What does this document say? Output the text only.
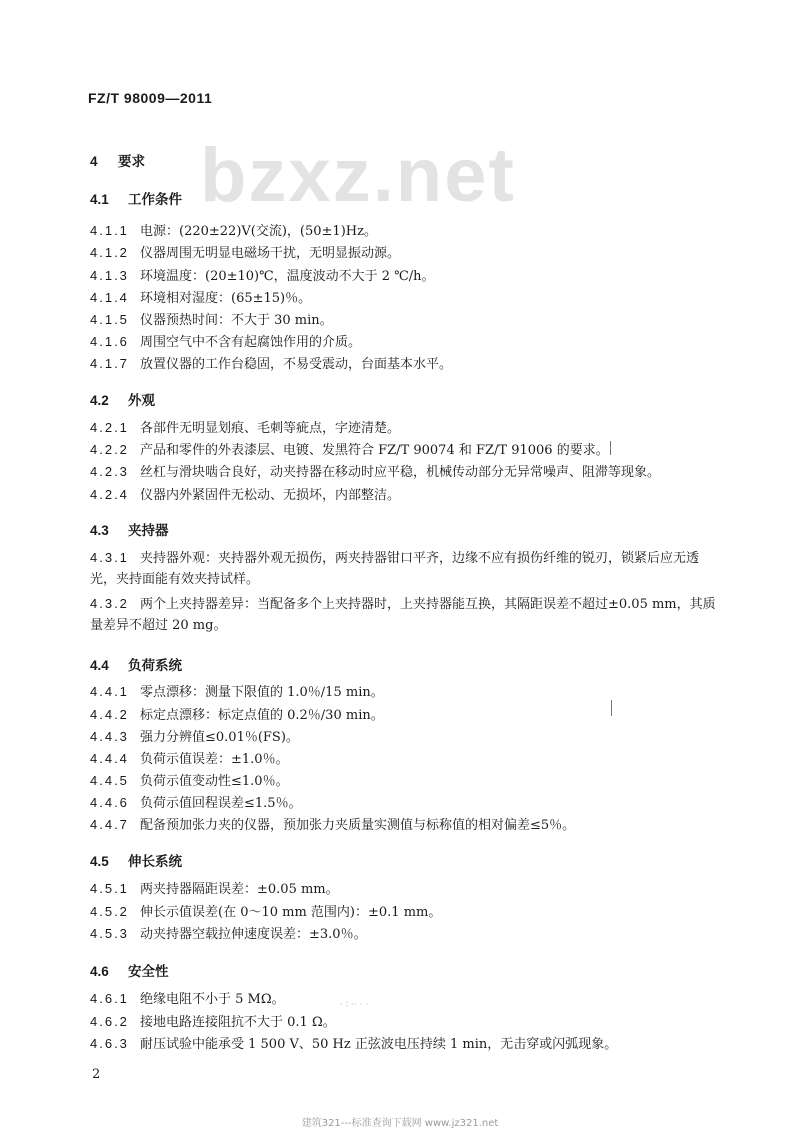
FZ/T 98009—2011
bzxz.net
4 要求
4.1 工作条件
4.1.1 电源：(220±22)V(交流)，(50±1)Hz。
4.1.2 仪器周围无明显电磁场干扰，无明显振动源。
4.1.3 环境温度：(20±10)℃，温度波动不大于 2 ℃/h。
4.1.4 环境相对湿度：(65±15)％。
4.1.5 仪器预热时间：不大于 30 min。
4.1.6 周围空气中不含有起腐蚀作用的介质。
4.1.7 放置仪器的工作台稳固，不易受震动，台面基本水平。
4.2 外观
4.2.1 各部件无明显划痕、毛刺等疵点，字迹清楚。
4.2.2 产品和零件的外表漆层、电镀、发黑符合 FZ/T 90074 和 FZ/T 91006 的要求。
4.2.3 丝杠与滑块啮合良好，动夹持器在移动时应平稳，机械传动部分无异常噪声、阻滞等现象。
4.2.4 仪器内外紧固件无松动、无损坏，内部整洁。
4.3 夹持器
4.3.1 夹持器外观：夹持器外观无损伤，两夹持器钳口平齐，边缘不应有损伤纤维的锐刃，锁紧后应无透光，夹持面能有效夹持试样。
4.3.2 两个上夹持器差异：当配备多个上夹持器时，上夹持器能互换，其隔距误差不超过±0.05 mm，其质量差异不超过 20 mg。
4.4 负荷系统
4.4.1 零点漂移：测量下限值的 1.0％/15 min。
4.4.2 标定点漂移：标定点值的 0.2％/30 min。
4.4.3 强力分辨值≤0.01％(FS)。
4.4.4 负荷示值误差：±1.0％。
4.4.5 负荷示值变动性≤1.0％。
4.4.6 负荷示值回程误差≤1.5％。
4.4.7 配备预加张力夹的仪器，预加张力夹质量实测值与标称值的相对偏差≤5％。
4.5 伸长系统
4.5.1 两夹持器隔距误差：±0.05 mm。
4.5.2 伸长示值误差(在 0～10 mm 范围内)：±0.1 mm。
4.5.3 动夹持器空载拉伸速度误差：±3.0％。
4.6 安全性
4.6.1 绝缘电阻不小于 5 MΩ。
4.6.2 接地电路连接阻抗不大于 0.1 Ω。
4.6.3 耐压试验中能承受 1 500 V、50 Hz 正弦波电压持续 1 min，无击穿或闪弧现象。
2
· ∶ ·· · ·
建筑321---标准查询下载网 www.jz321.net
